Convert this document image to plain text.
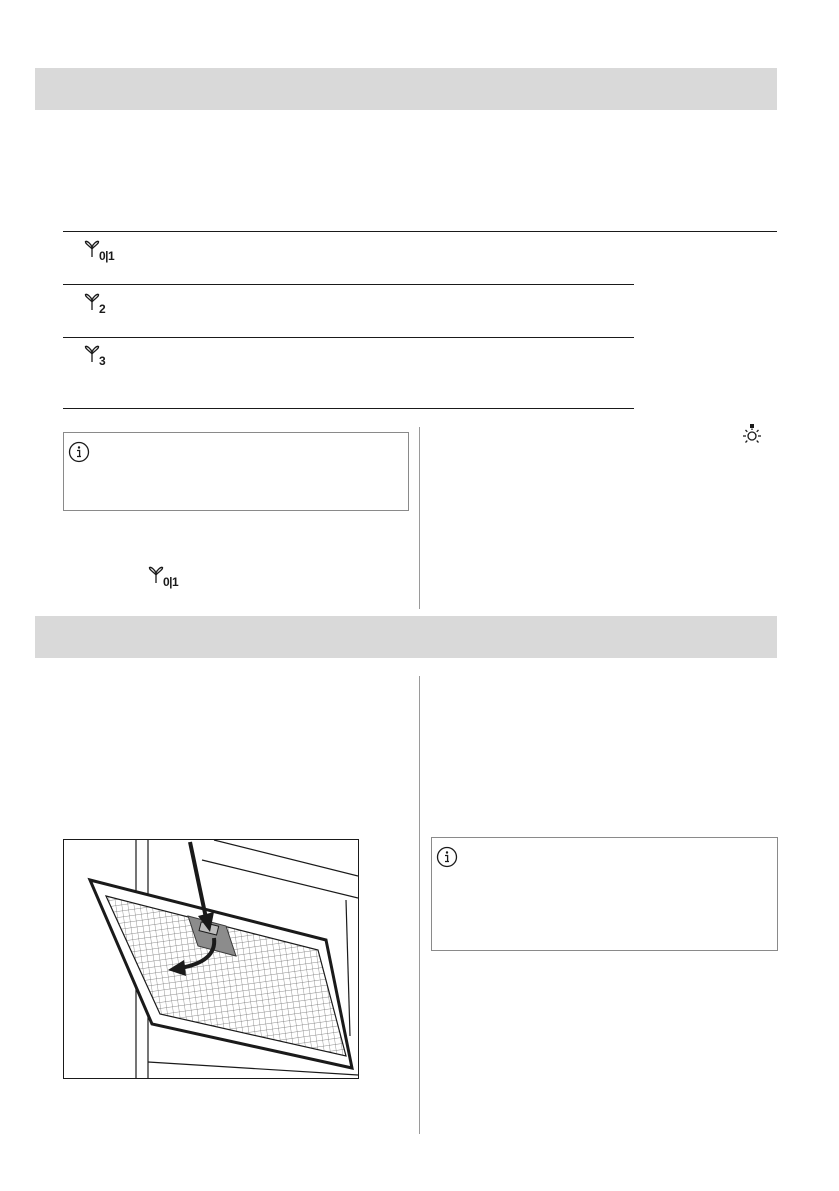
0|1
2
3
0|1
